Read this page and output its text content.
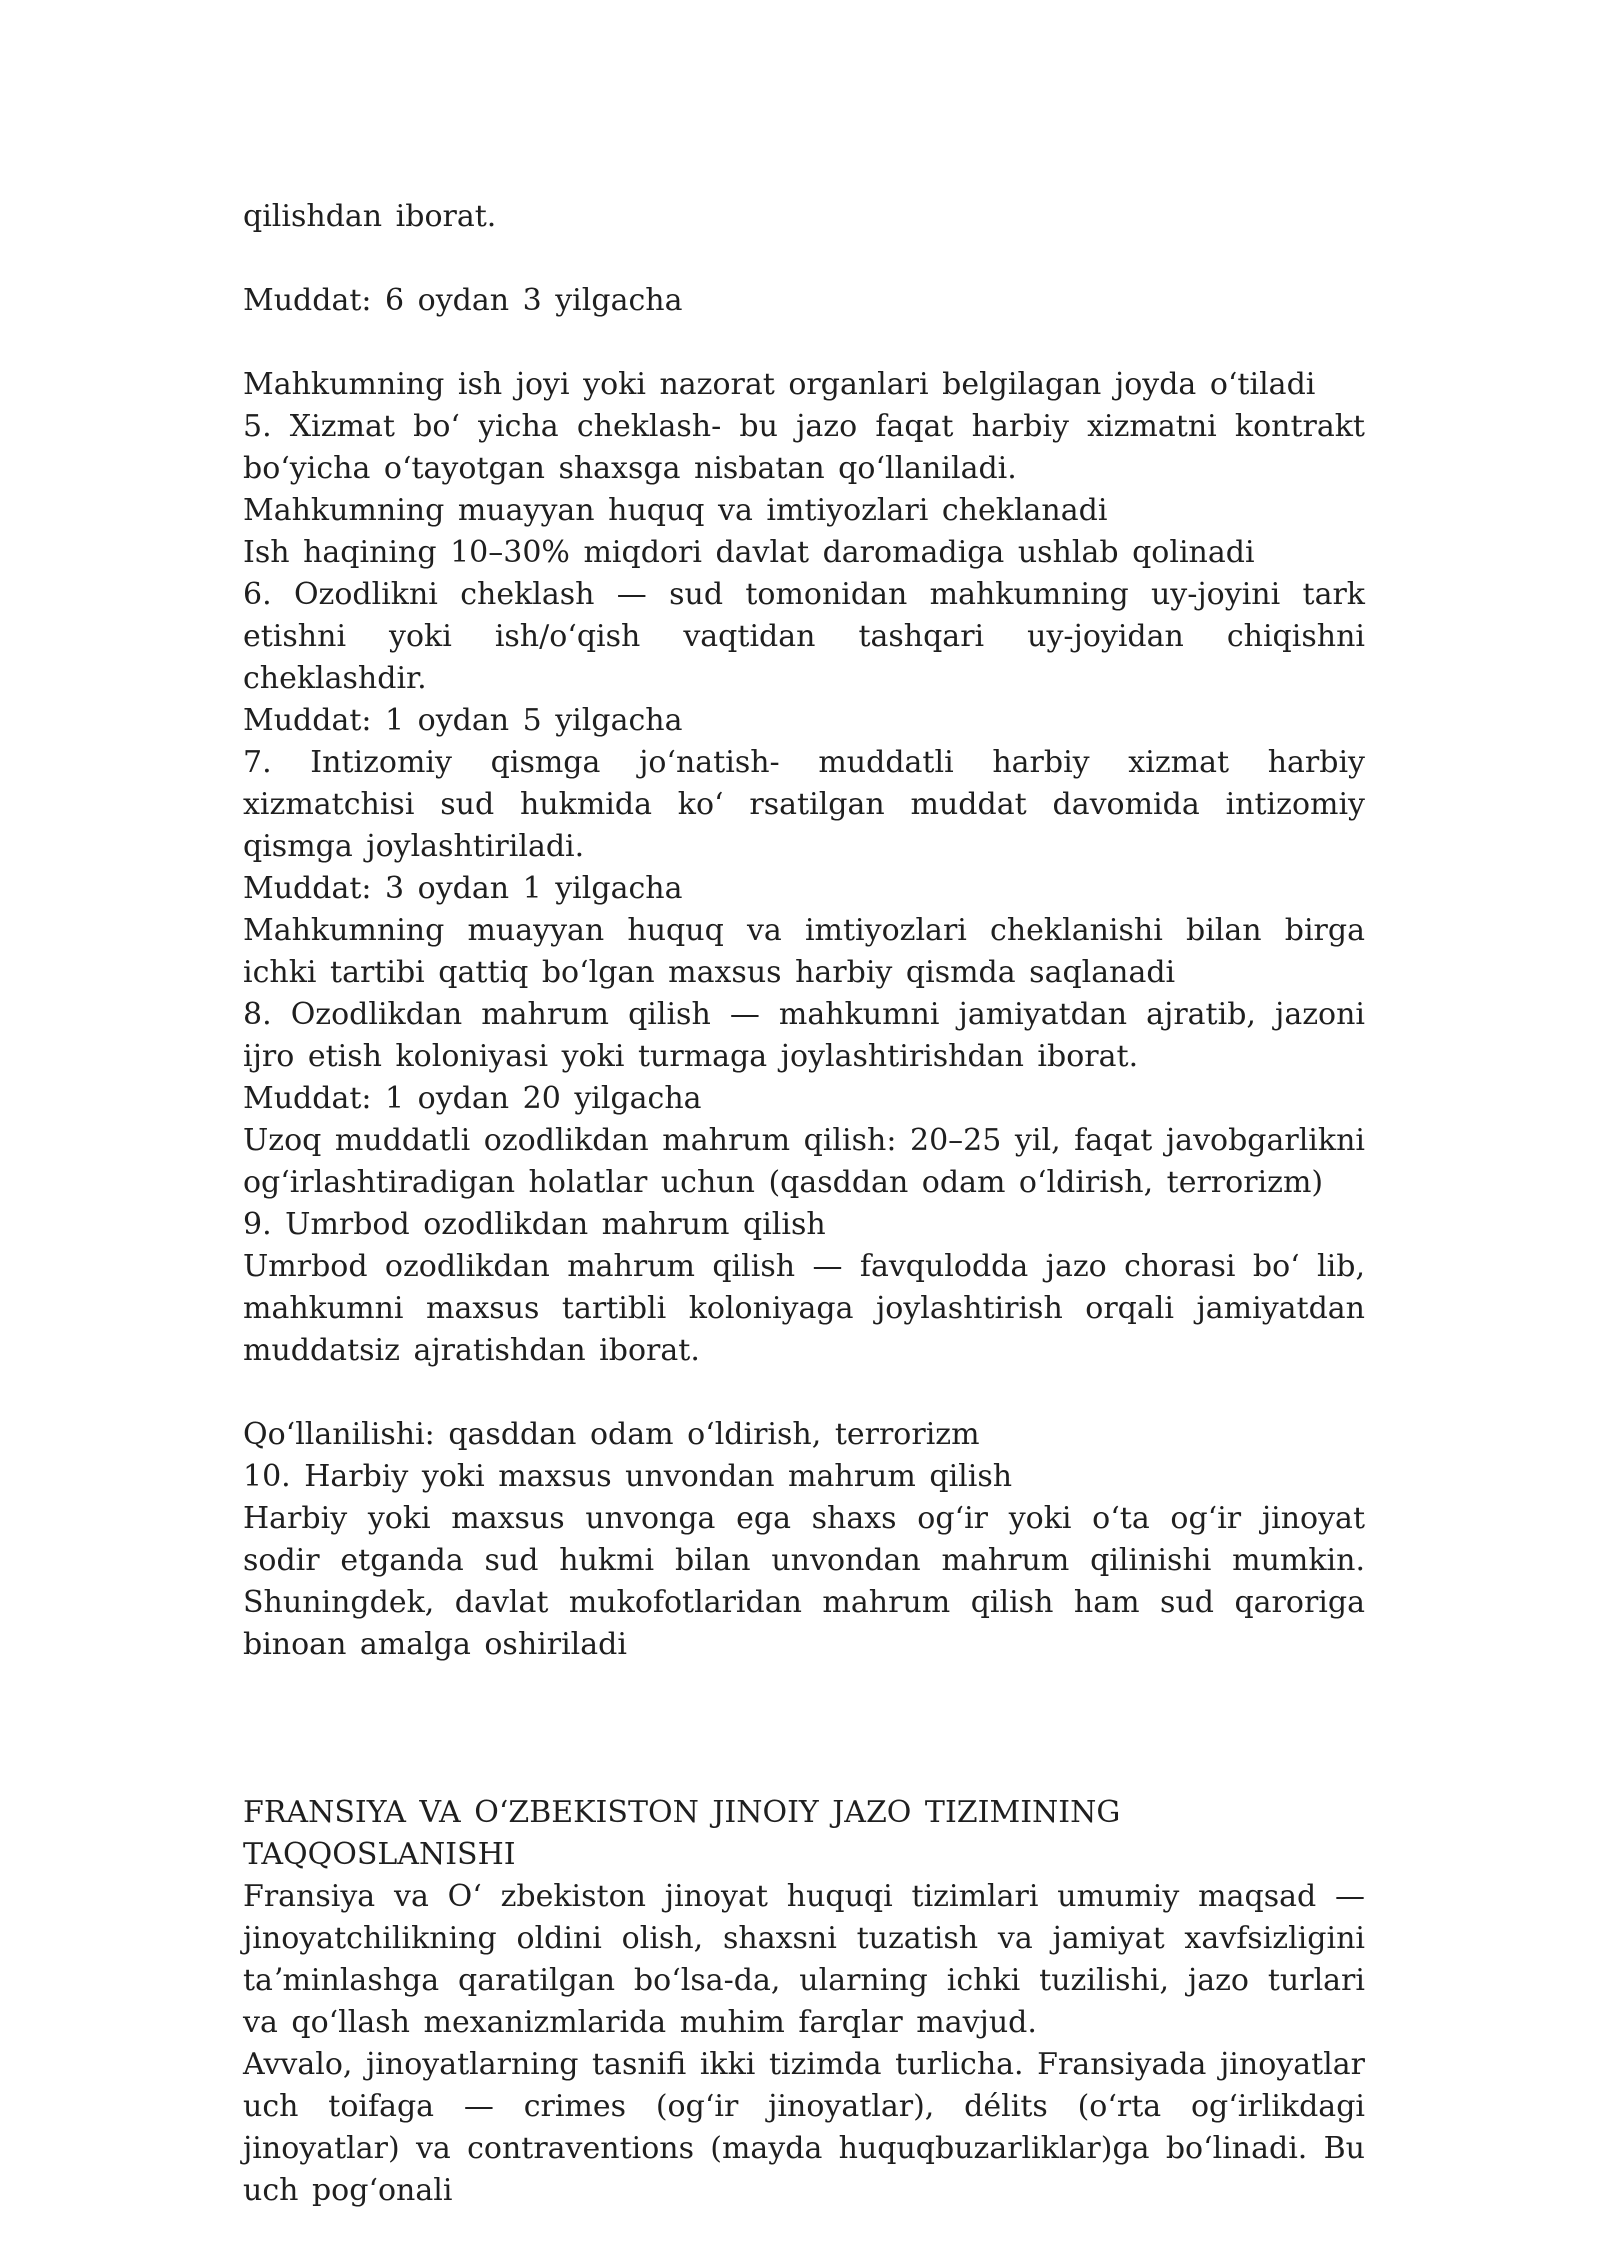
qilishdan iborat.

Muddat: 6 oydan 3 yilgacha

Mahkumning ish joyi yoki nazorat organlari belgilagan joyda oʻtiladi

5. Xizmat boʻ yicha cheklash- bu jazo faqat harbiy xizmatni kontrakt boʻyicha oʻtayotgan shaxsga nisbatan qoʻllaniladi.

Mahkumning muayyan huquq va imtiyozlari cheklanadi

Ish haqining 10–30% miqdori davlat daromadiga ushlab qolinadi

6. Ozodlikni cheklash — sud tomonidan mahkumning uy-joyini tark etishni yoki ish/oʻqish vaqtidan tashqari uy-joyidan chiqishni cheklashdir.

Muddat: 1 oydan 5 yilgacha

7. Intizomiy qismga joʻnatish- muddatli harbiy xizmat harbiy xizmatchisi sud hukmida koʻ rsatilgan muddat davomida intizomiy qismga joylashtiriladi.

Muddat: 3 oydan 1 yilgacha

Mahkumning muayyan huquq va imtiyozlari cheklanishi bilan birga ichki tartibi qattiq boʻlgan maxsus harbiy qismda saqlanadi

8. Ozodlikdan mahrum qilish — mahkumni jamiyatdan ajratib, jazoni ijro etish koloniyasi yoki turmaga joylashtirishdan iborat.

Muddat: 1 oydan 20 yilgacha

Uzoq muddatli ozodlikdan mahrum qilish: 20–25 yil, faqat javobgarlikni ogʻirlashtiradigan holatlar uchun (qasddan odam oʻldirish, terrorizm)

9. Umrbod ozodlikdan mahrum qilish

Umrbod ozodlikdan mahrum qilish — favqulodda jazo chorasi boʻ lib, mahkumni maxsus tartibli koloniyaga joylashtirish orqali jamiyatdan muddatsiz ajratishdan iborat.

Qoʻllanilishi: qasddan odam oʻldirish, terrorizm

10. Harbiy yoki maxsus unvondan mahrum qilish

Harbiy yoki maxsus unvonga ega shaxs ogʻir yoki oʻta ogʻir jinoyat sodir etganda sud hukmi bilan unvondan mahrum qilinishi mumkin. Shuningdek, davlat mukofotlaridan mahrum qilish ham sud qaroriga binoan amalga oshiriladi

FRANSIYA VA OʻZBEKISTON JINOIY JAZO TIZIMINING TAQQOSLANISHI

Fransiya va Oʻ zbekiston jinoyat huquqi tizimlari umumiy maqsad — jinoyatchilikning oldini olish, shaxsni tuzatish va jamiyat xavfsizligini taʼminlashga qaratilgan boʻlsa-da, ularning ichki tuzilishi, jazo turlari va qoʻllash mexanizmlarida muhim farqlar mavjud.

Avvalo, jinoyatlarning tasnifi ikki tizimda turlicha. Fransiyada jinoyatlar uch toifaga — crimes (ogʻir jinoyatlar), délits (oʻrta ogʻirlikdagi jinoyatlar) va contraventions (mayda huquqbuzarliklar)ga boʻlinadi. Bu uch pogʻonali
